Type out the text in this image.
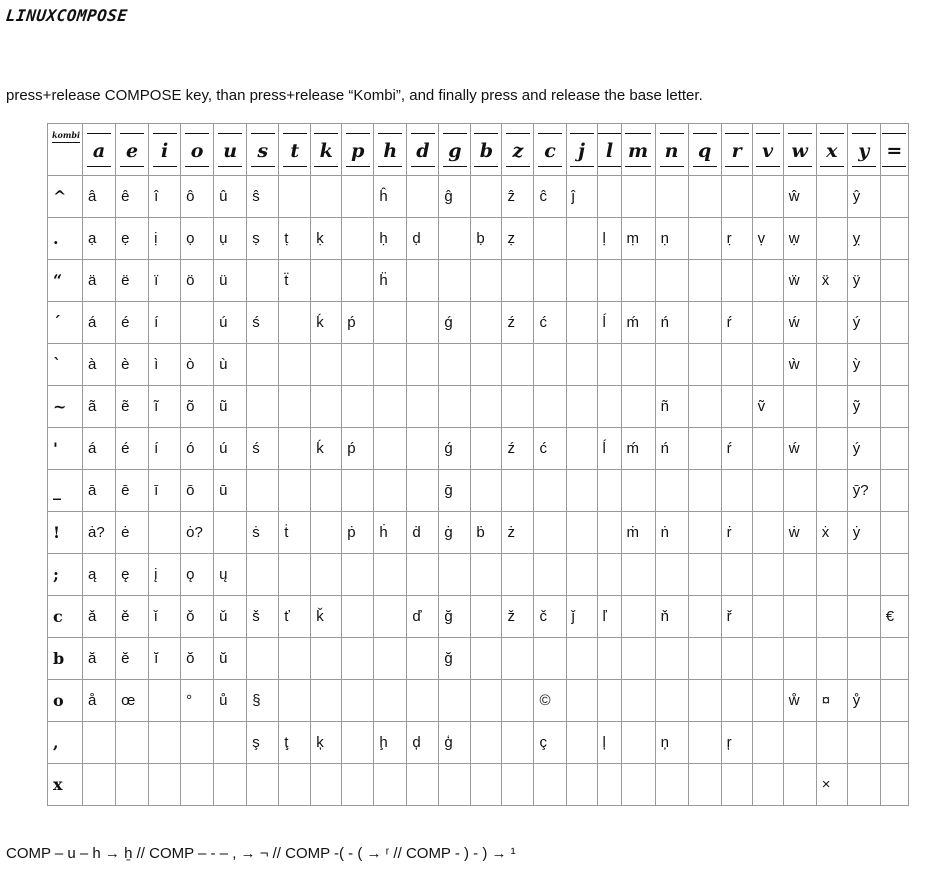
LINUXCOMPOSE
press+release COMPOSE key, than press+release “Kombi”, and finally press and release the base letter.
kombi	a	e	i	o	u	s	t	k	p	h	d	g	b	z	c	j	l	m	n	q	r	v	w	x	y	=
^	â	ê	î	ô	û	ŝ				ĥ		ĝ		ẑ	ĉ	ĵ							ŵ		ŷ	
.	ạ	ẹ	ị	ọ	ụ	ṣ	ṭ	ḳ		ḥ	ḍ		ḅ	ẓ			ḷ	ṃ	ṇ		ṛ	ṿ	ẉ		ỵ	
“	ä	ë	ï	ö	ü		ẗ			ḧ													ẅ	ẍ	ÿ	
´	á	é	í		ú	ś		ḱ	ṕ			ǵ		ź	ć		ĺ	ḿ	ń		ŕ		ẃ		ý	
`	à	è	ì	ò	ù																		ẁ		ỳ	
~	ã	ẽ	ĩ	õ	ũ														ñ			ṽ			ỹ	
'	á	é	í	ó	ú	ś		ḱ	ṕ			ǵ		ź	ć		ĺ	ḿ	ń		ŕ		ẃ		ý	
_	ā	ē	ī	ō	ū							ḡ													ȳ?	
!	ȧ?	ė		ȯ?		ṡ	ṫ		ṗ	ḣ	ḋ	ġ	ḃ	ż				ṁ	ṅ		ṙ		ẇ	ẋ	ẏ	
;	ą	ę	į	ǫ	ų																					
c	ǎ	ě	ǐ	ǒ	ǔ	š	ť	ǩ			ď	ğ		ž	č	ǰ	ľ		ň		ř					€
b	ă	ĕ	ĭ	ŏ	ŭ							ğ														
o	å	œ		°	ů	§									©								ẘ	¤	ẙ	
,						ş	ţ	ķ		ḩ	ḑ	ģ			ç		ļ		ņ		ŗ					
x																								×		
COMP – u – h → ẖ // COMP – - – , → ¬ // COMP -( - ( → ʳ // COMP - ) - ) → ¹
